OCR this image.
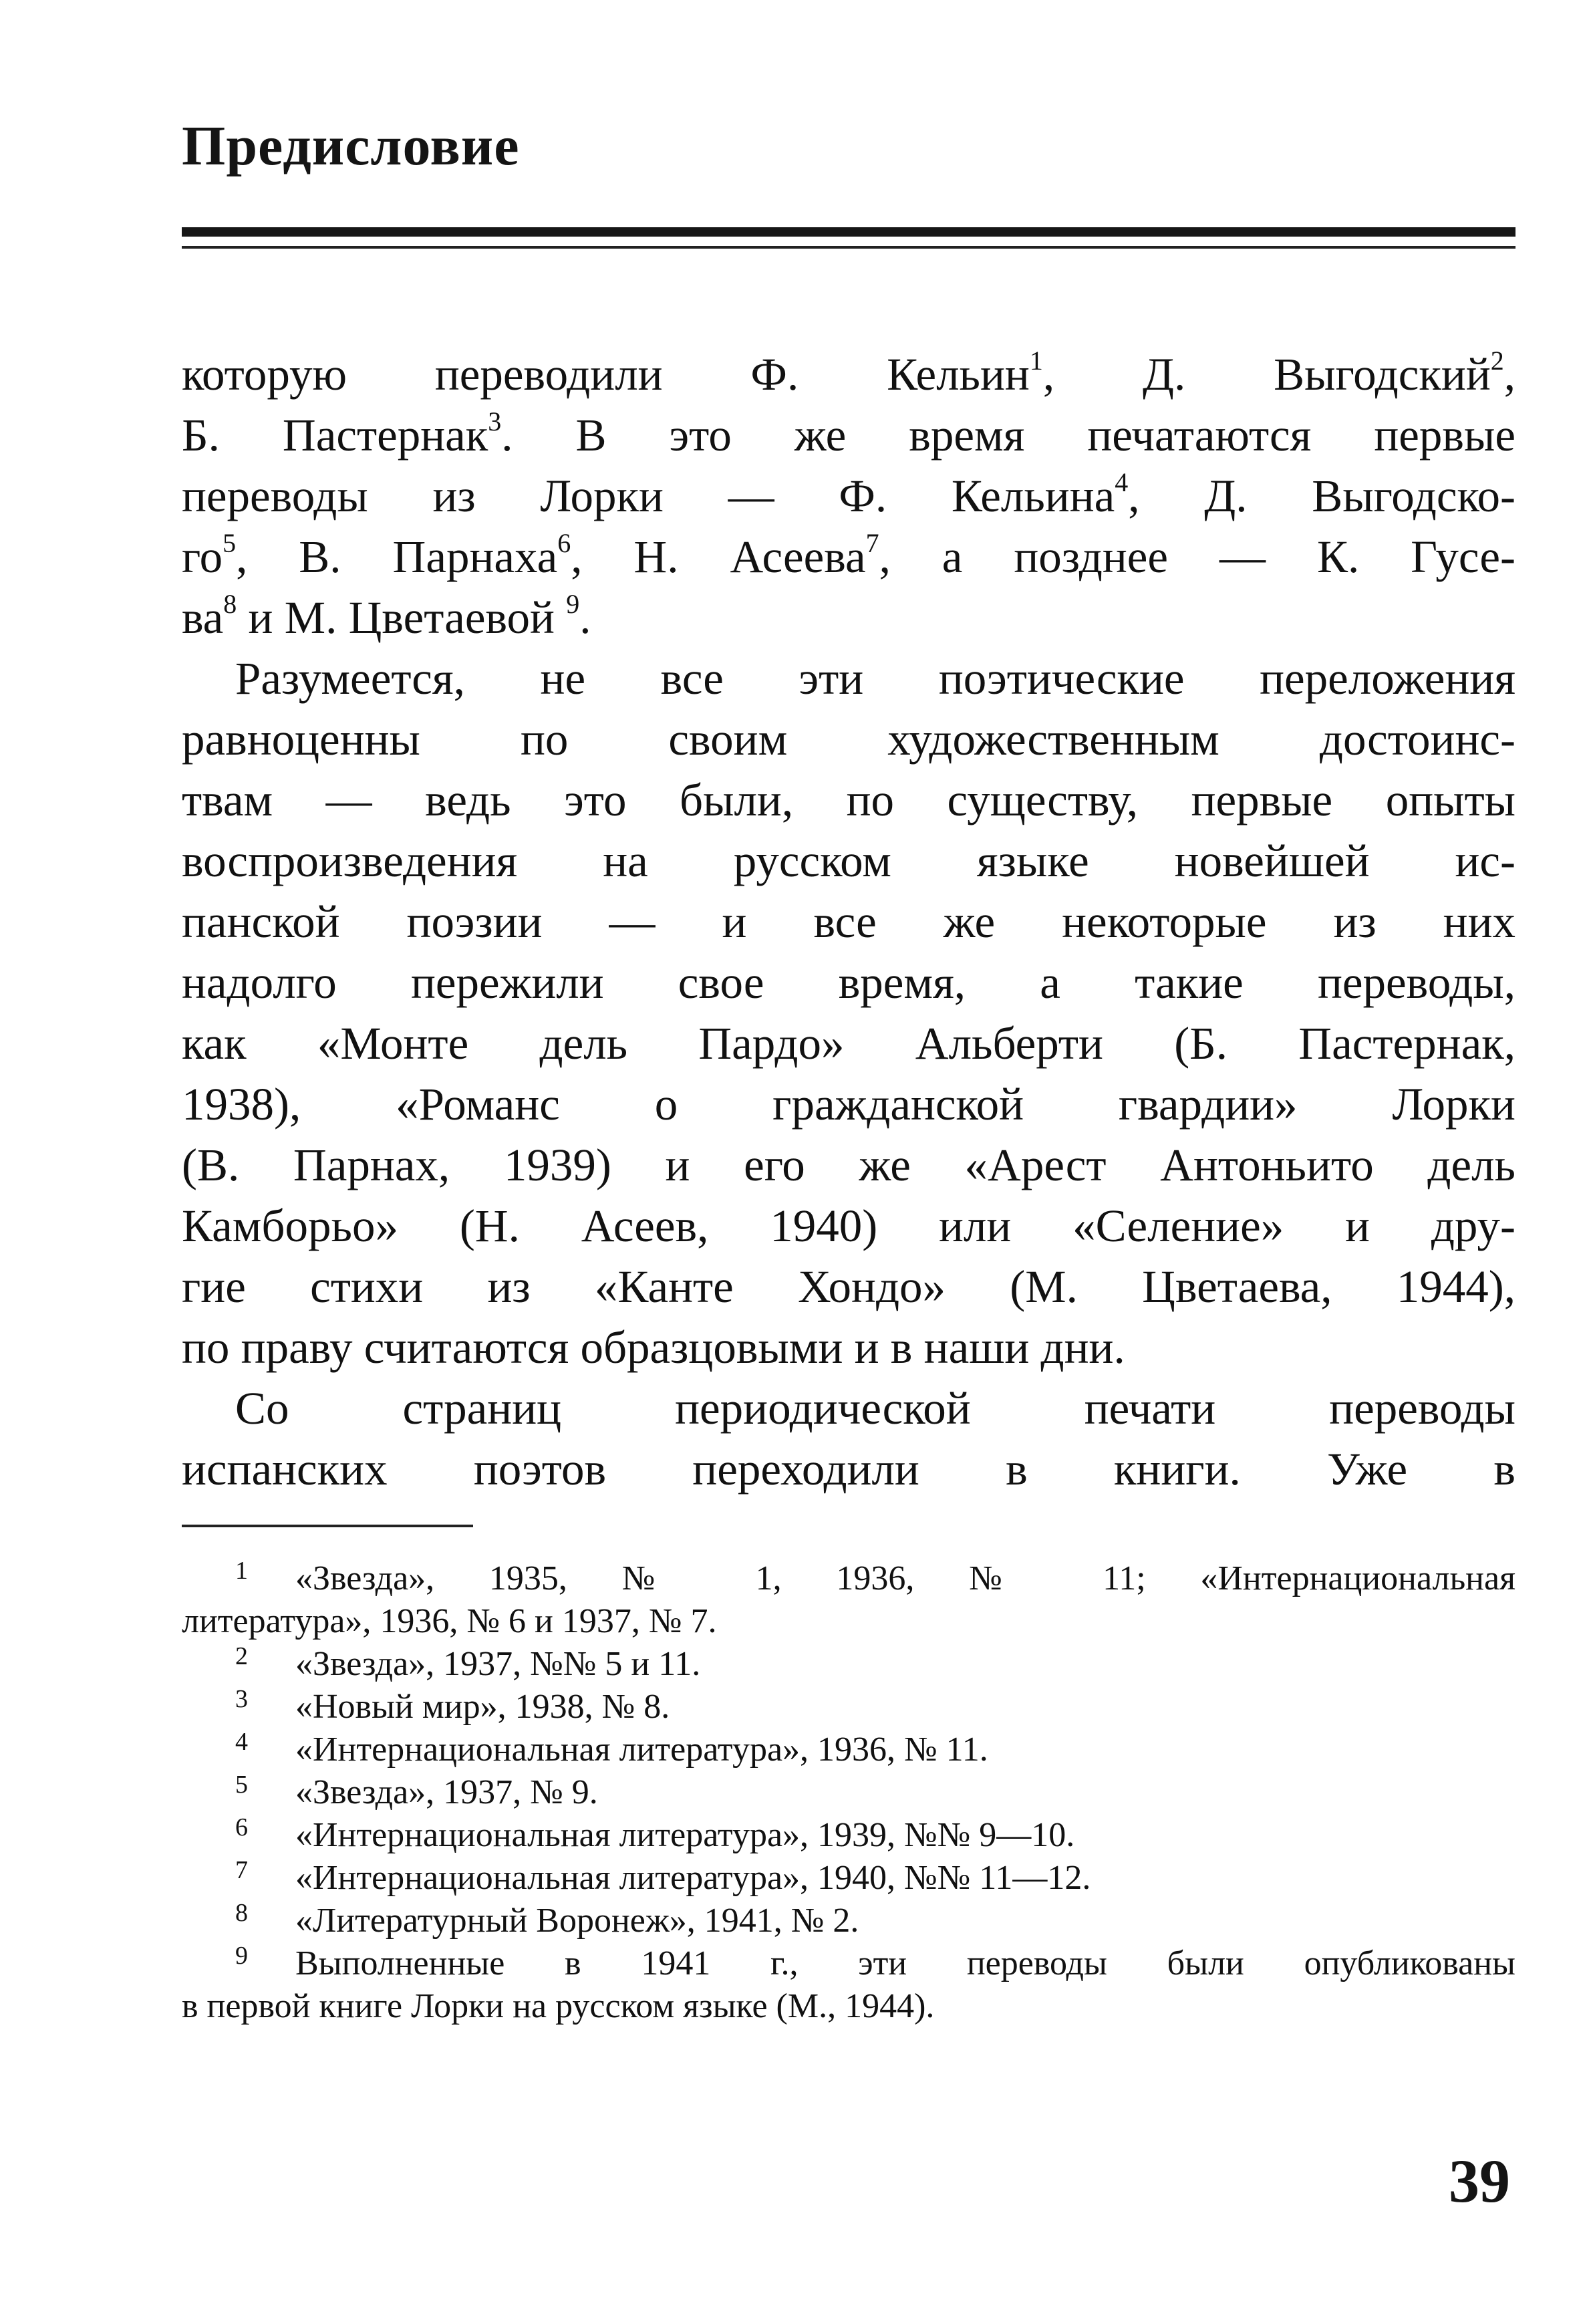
Предисловие
которую переводили Ф. Кельин$^1$, Д. Выгодский$^2$,
Б. Пастернак$^3$. В это же время печатаются первые
переводы из Лорки — Ф. Кельина$^4$, Д. Выгодско-
$го^5$, В. Парнаха$^6$, Н. Асеева$^7$, а позднее — К. Гусе-
$ва^8$ и М. Цветаевой $^9$.
Разумеется, не все эти поэтические переложения
равноценны по своим художественным достоинс-
твам — ведь это были, по существу, первые опыты
воспроизведения на русском языке новейшей ис-
панской поэзии — и все же некоторые из них
надолго пережили свое время, а такие переводы,
как «Монте дель Пардо» Альберти (Б. Пастернак,
1938), «Романс о гражданской гвардии» Лорки
(В. Парнах, 1939) и его же «Арест Антоньито дель
Камборьо» (Н. Асеев, 1940) или «Селение» и дру-
гие стихи из «Канте Хондо» (М. Цветаева, 1944),
по праву считаются образцовыми и в наши дни.
Со страниц периодической печати переводы
испанских поэтов переходили в книги. Уже в
1 «Звезда», 1935, № 1, 1936, № 11; «Интернациональная
литература», 1936, № 6 и 1937, № 7.
2 «Звезда», 1937, №№ 5 и 11.
3 «Новый мир», 1938, № 8.
4 «Интернациональная литература», 1936, № 11.
5 «Звезда», 1937, № 9.
6 «Интернациональная литература», 1939, №№ 9—10.
7 «Интернациональная литература», 1940, №№ 11—12.
8 «Литературный Воронеж», 1941, № 2.
9 Выполненные в 1941 г., эти переводы были опубликованы
в первой книге Лорки на русском языке (М., 1944).
39
